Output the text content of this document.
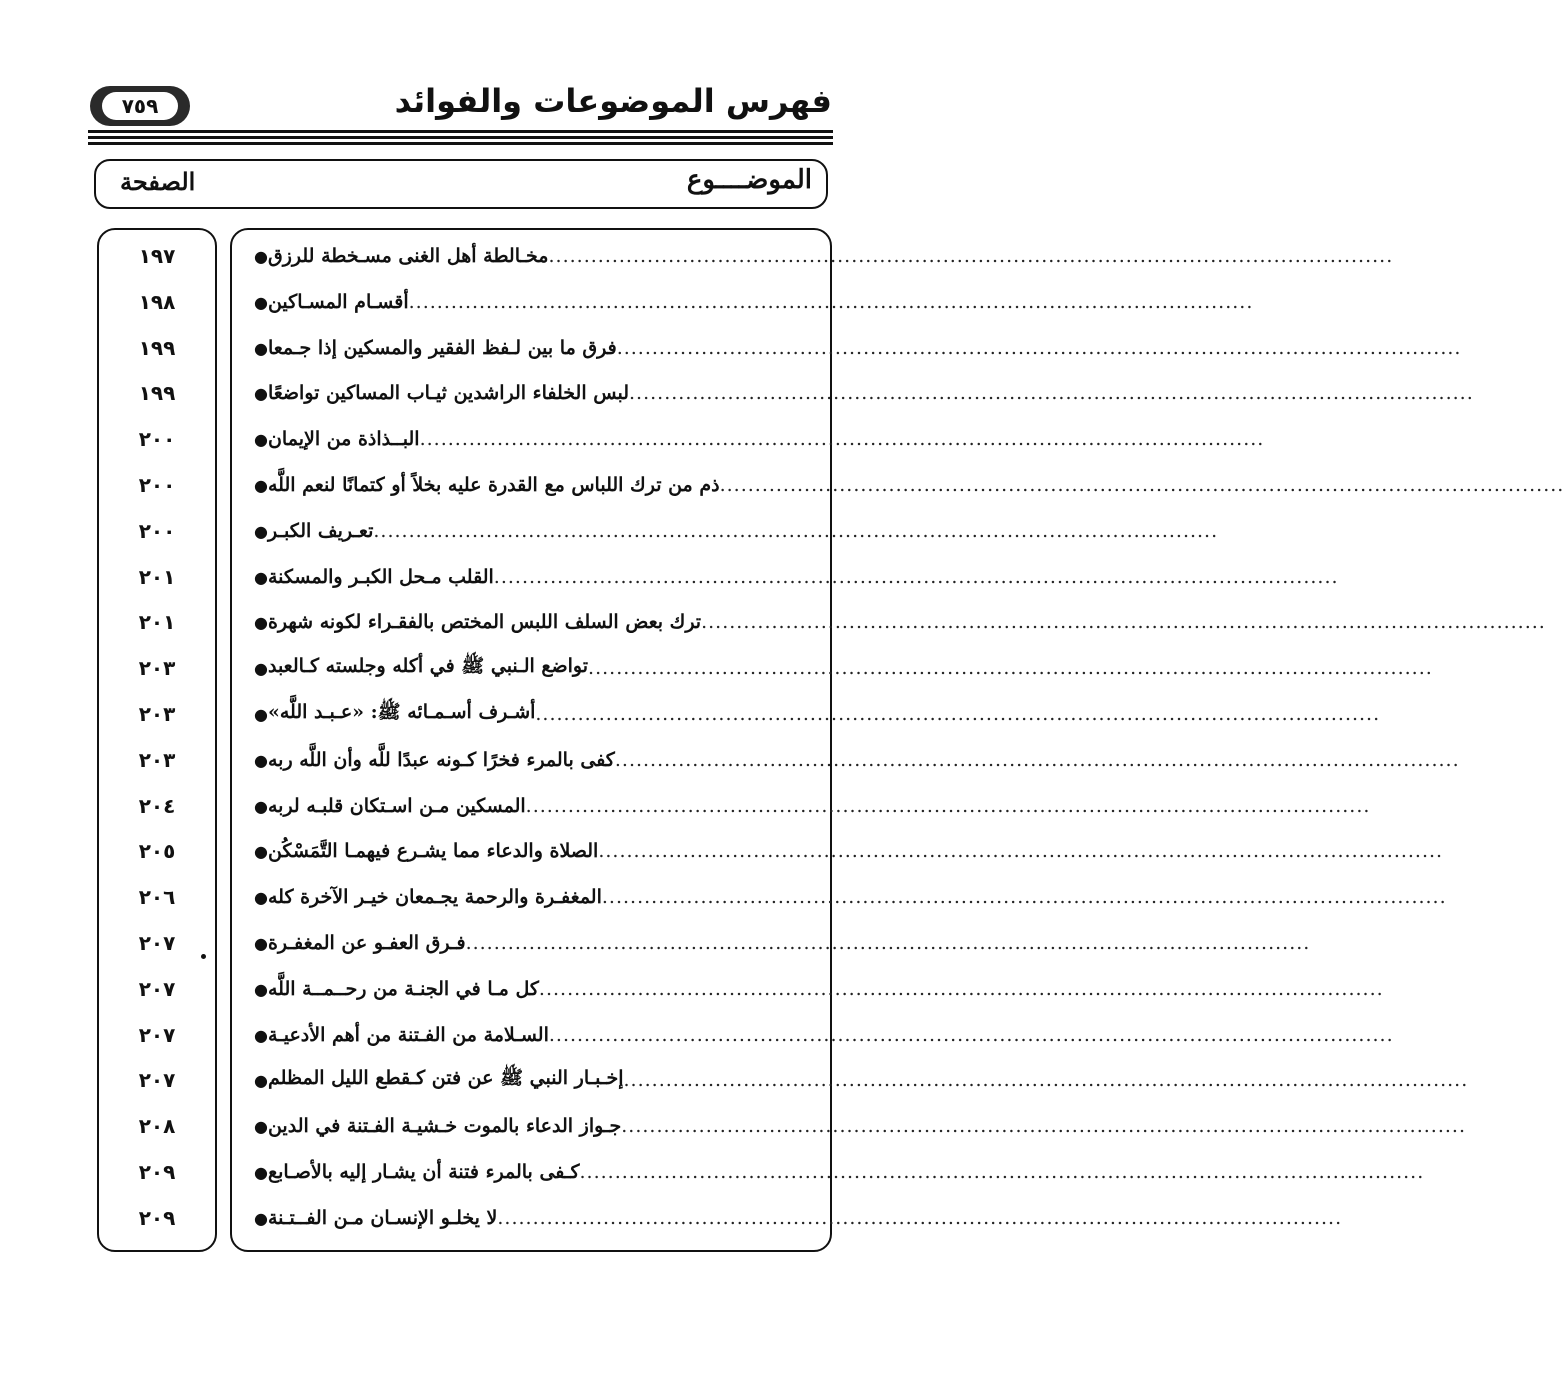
فهرس الموضوعات والفوائد
٧٥٩
الموضــــوع
الصفحة
● مخـالطة أهل الغنى مسـخطة للرزق ........................................................................................................................
● أقسـام المسـاكين ........................................................................................................................
● فرق ما بين لـفظ الفقير والمسكين إذا جـمعا ........................................................................................................................
● لبس الخلفاء الراشدين ثيـاب المساكين تواضعًا ........................................................................................................................
● البــذاذة من الإيمان ........................................................................................................................
● ذم من ترك اللباس مع القدرة عليه بخلاً أو كتمانًا لنعم اللَّه ........................................................................................................................
● تعـريف الكبـر ........................................................................................................................
● القلب مـحل الكبـر والمسكنة ........................................................................................................................
● ترك بعض السلف اللبس المختص بالفقـراء لكونه شهرة ........................................................................................................................
● تواضع الـنبي ﷺ في أكله وجلسته كـالعبد ........................................................................................................................
● أشـرف أسـمـائه ﷺ: «عـبـد اللَّه» ........................................................................................................................
● كفى بالمرء فخرًا كـونه عبدًا للَّه وأن اللَّه ربه ........................................................................................................................
● المسكين مـن اسـتكان قلبـه لربه ........................................................................................................................
● الصلاة والدعاء مما يشـرع فيهمـا التَّمَسْكُن ........................................................................................................................
● المغفـرة والرحمة يجـمعان خيـر الآخرة كله ........................................................................................................................
● فـرق العفـو عن المغفـرة ........................................................................................................................
● كل مـا في الجنـة من رحــمــة اللَّه ........................................................................................................................
● السـلامة من الفـتنة من أهم الأدعيـة ........................................................................................................................
● إخـبـار النبي ﷺ عن فتن كـقطع الليل المظلم ........................................................................................................................
● جـواز الدعاء بالموت خـشيـة الفـتنة في الدين ........................................................................................................................
● كـفى بالمرء فتنة أن يشـار إليه بالأصـابع ........................................................................................................................
● لا يخلـو الإنسـان مـن الفــتـنة ........................................................................................................................
١٩٧
١٩٨
١٩٩
١٩٩
٢٠٠
٢٠٠
٢٠٠
٢٠١
٢٠١
٢٠٣
٢٠٣
٢٠٣
٢٠٤
٢٠٥
٢٠٦
٢٠٧
٢٠٧
٢٠٧
٢٠٧
٢٠٨
٢٠٩
٢٠٩
